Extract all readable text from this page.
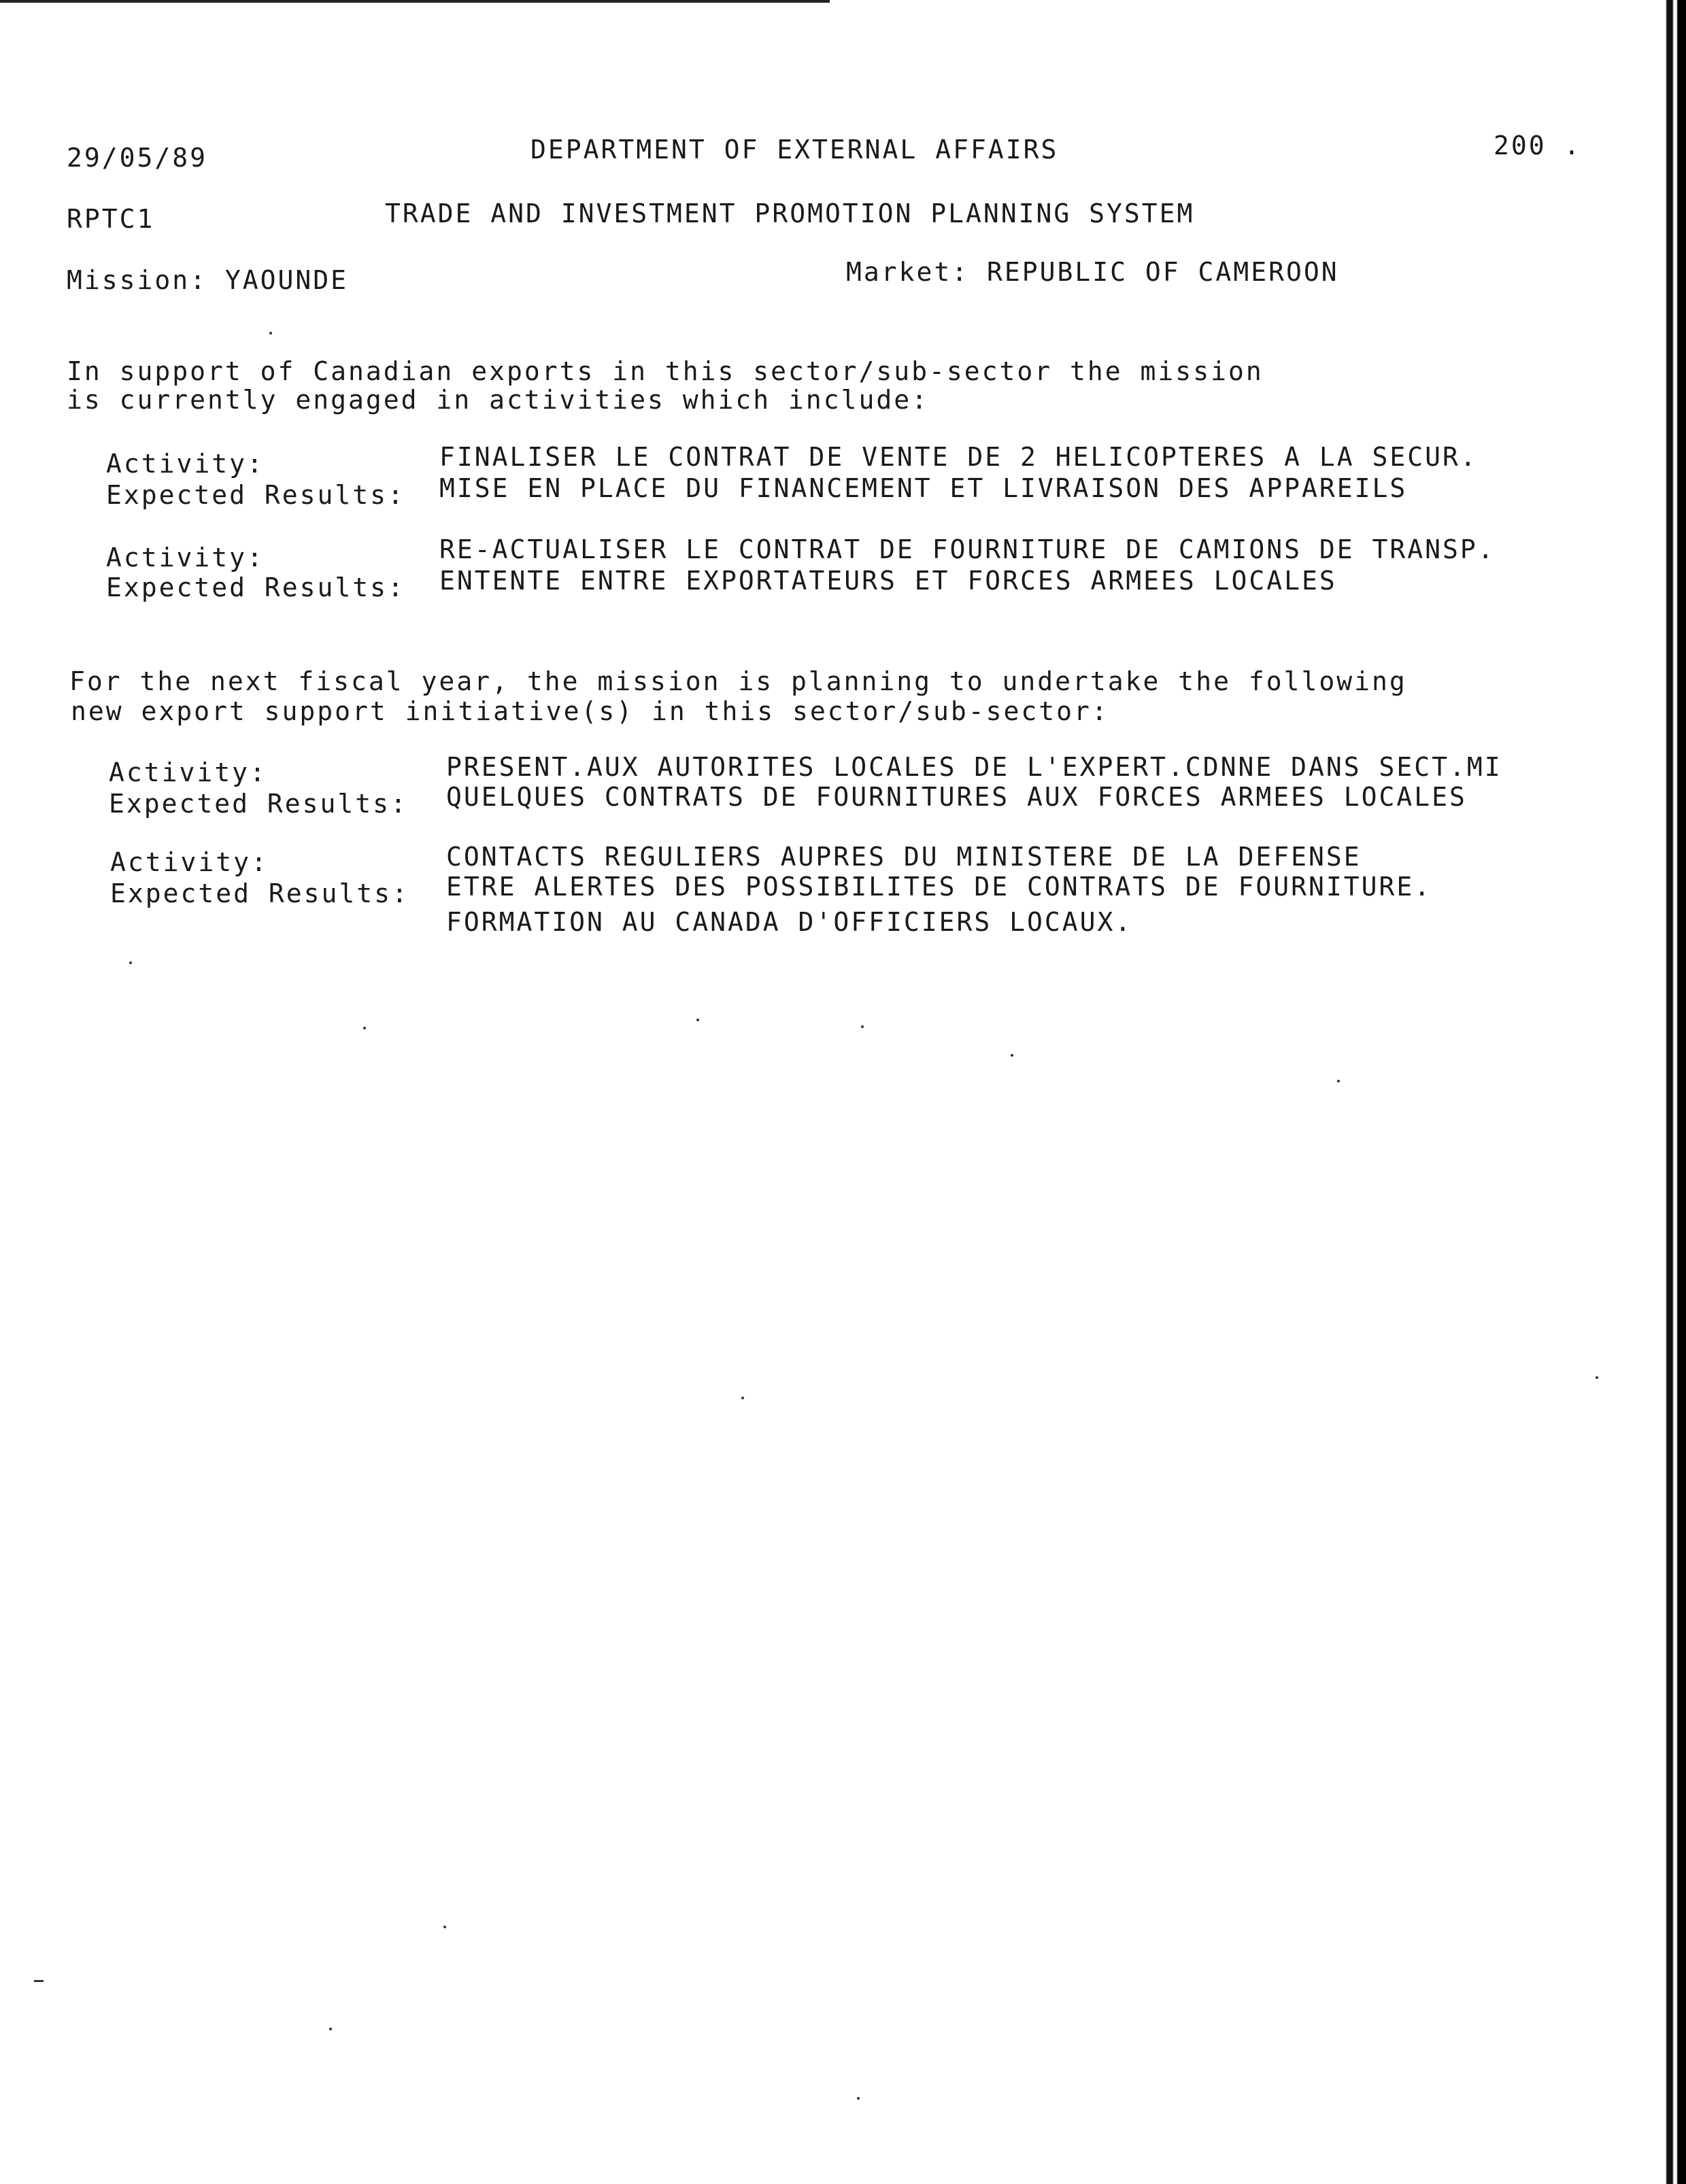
29/05/89	DEPARTMENT OF EXTERNAL AFFAIRS	200 .
RPTC1	TRADE AND INVESTMENT PROMOTION PLANNING SYSTEM
Mission: YAOUNDE	Market: REPUBLIC OF CAMEROON
In support of Canadian exports in this sector/sub-sector the mission
is currently engaged in activities which include:
Activity:	FINALISER LE CONTRAT DE VENTE DE 2 HELICOPTERES A LA SECUR.
Expected Results: MISE EN PLACE DU FINANCEMENT ET LIVRAISON DES APPAREILS
Activity:	RE-ACTUALISER LE CONTRAT DE FOURNITURE DE CAMIONS DE TRANSP.
Expected Results: ENTENTE ENTRE EXPORTATEURS ET FORCES ARMEES LOCALES
For the next fiscal year, the mission is planning to undertake the following
new export support initiative(s) in this sector/sub-sector:
Activity:	PRESENT.AUX AUTORITES LOCALES DE L'EXPERT.CDNNE DANS SECT.MI
Expected Results: QUELQUES CONTRATS DE FOURNITURES AUX FORCES ARMEES LOCALES
Activity:	CONTACTS REGULIERS AUPRES DU MINISTERE DE LA DEFENSE
Expected Results: ETRE ALERTES DES POSSIBILITES DE CONTRATS DE FOURNITURE.
FORMATION AU CANADA D'OFFICIERS LOCAUX.
